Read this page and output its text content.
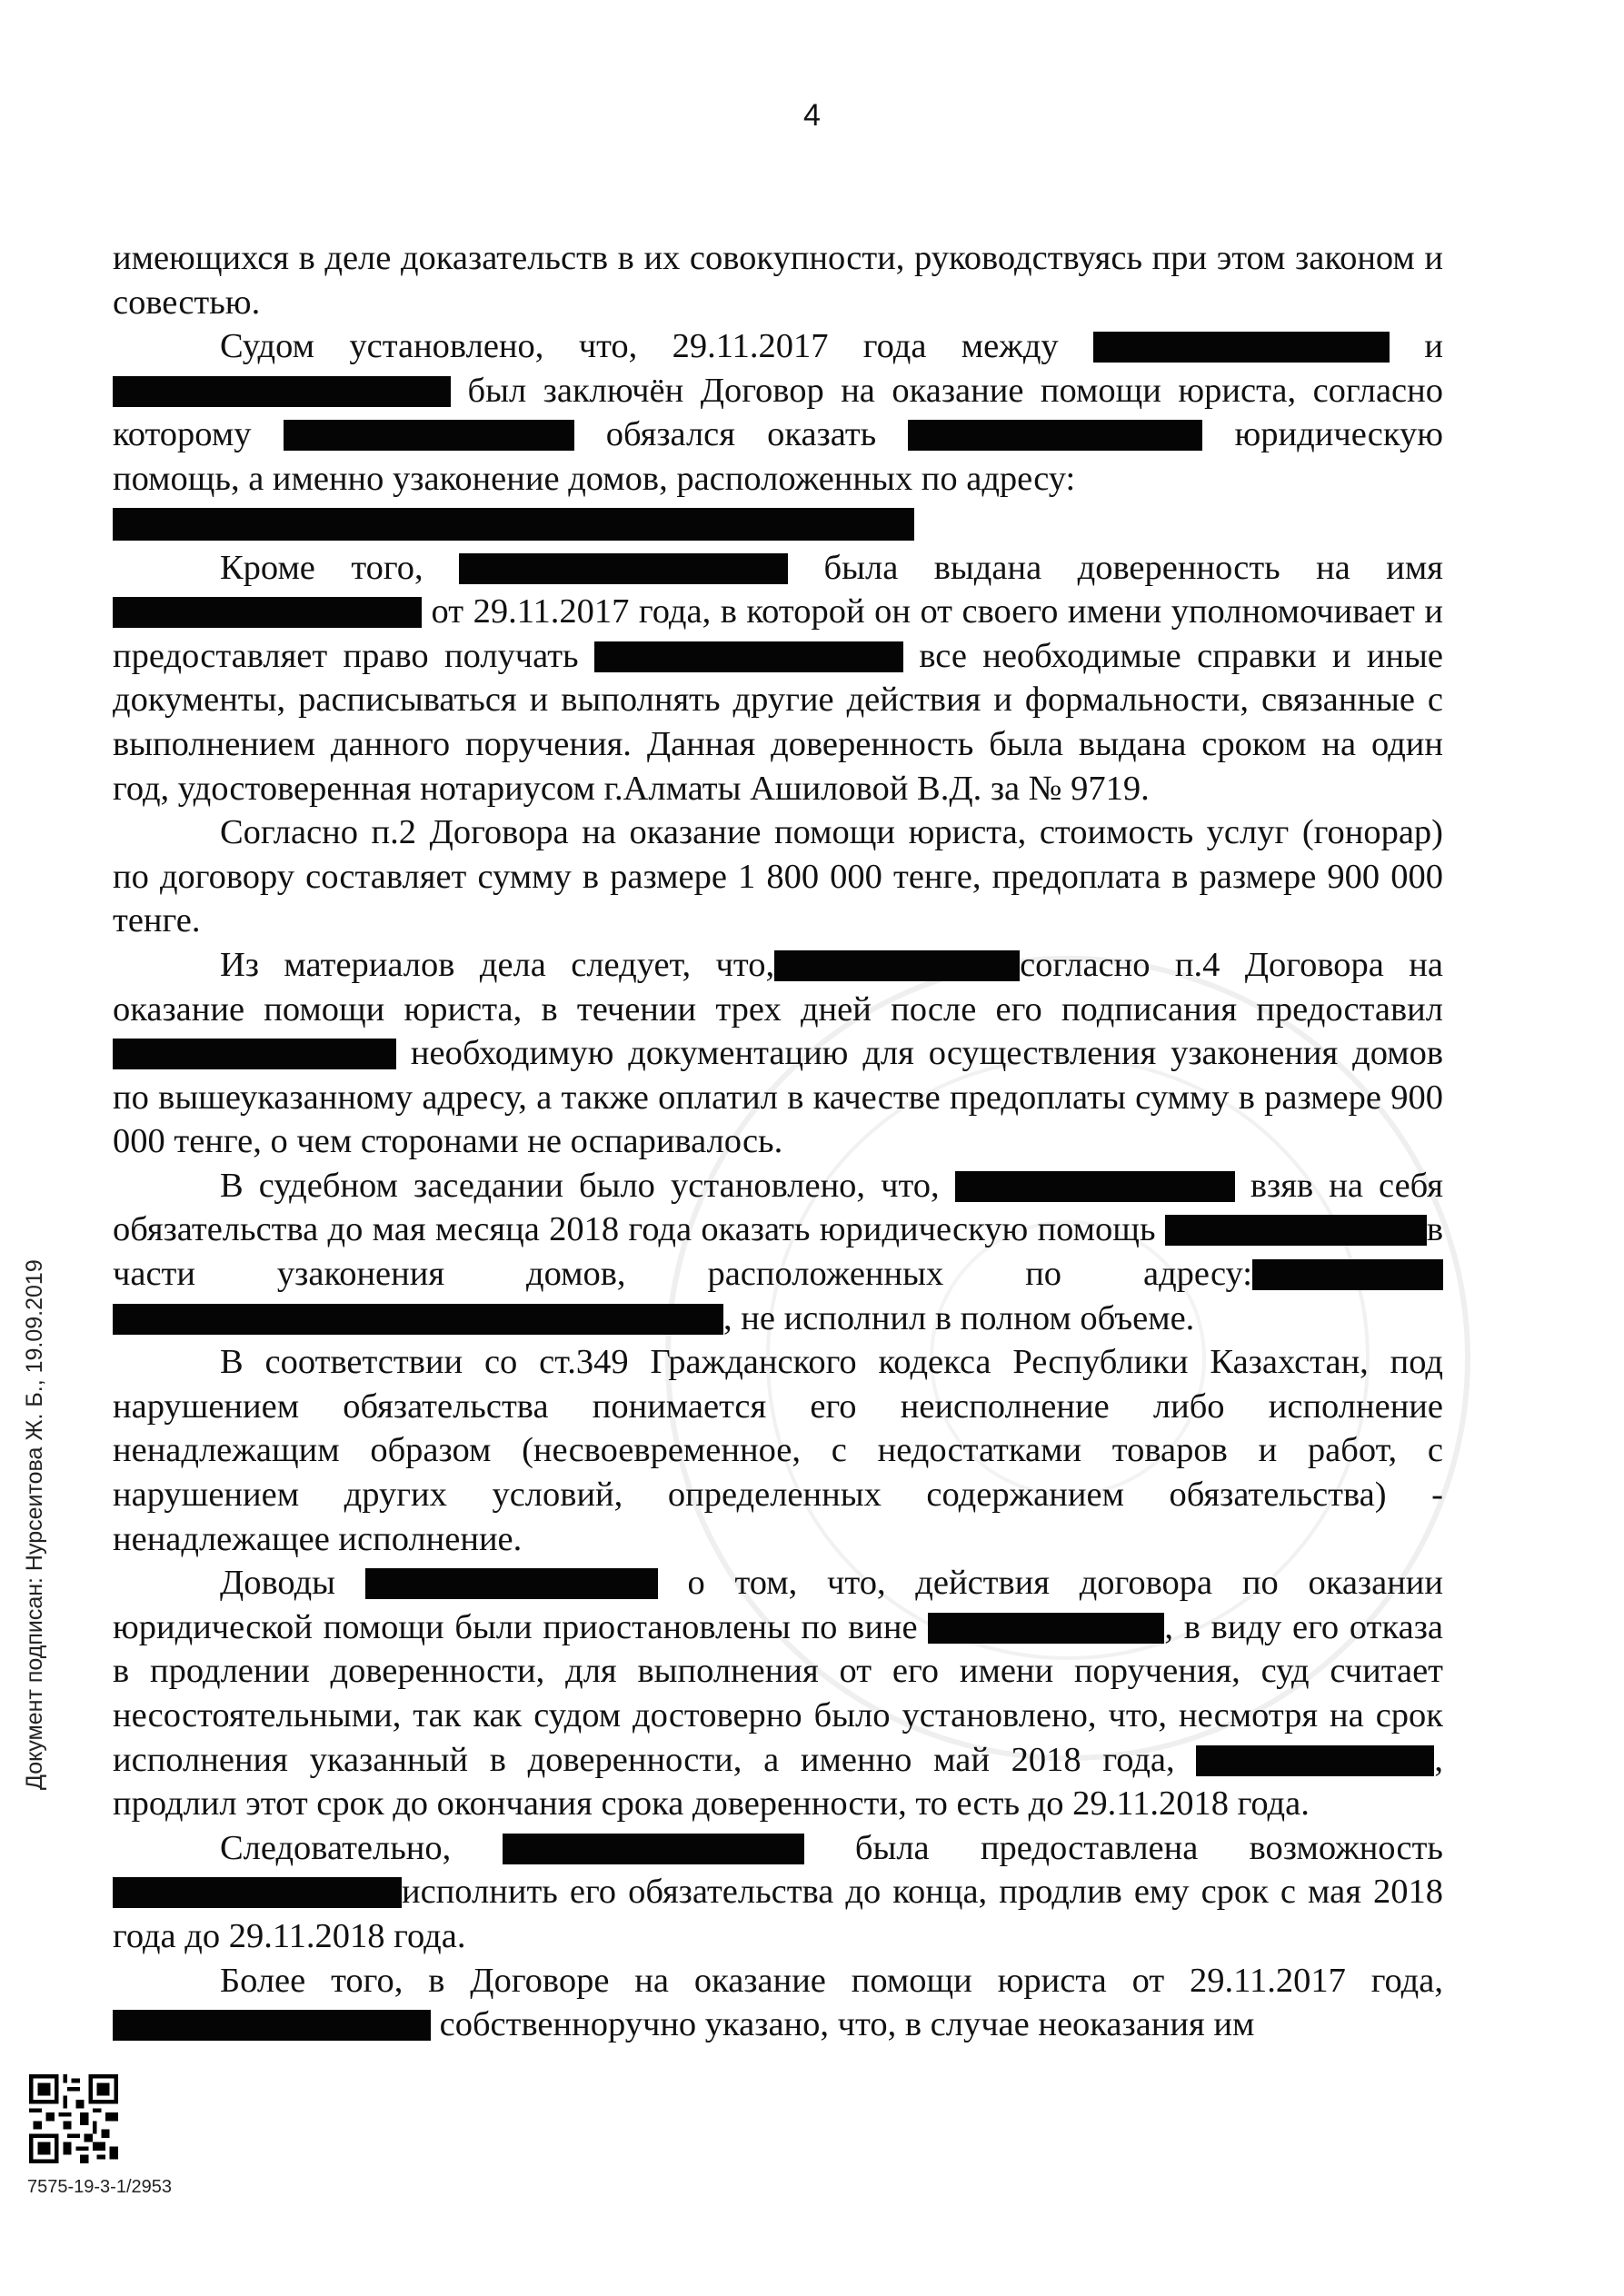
4

имеющихся в деле доказательств в их совокупности, руководствуясь при этом законом и совестью.

Судом установлено, что, 29.11.2017 года между	и  был заключён Договор на оказание помощи юриста, согласно которому	обязался оказать	юридическую помощь, а именно узаконение домов, расположенных по адресу:

Кроме того,	была выдана доверенность на имя  от 29.11.2017 года, в которой он от своего имени уполномочивает и предоставляет право получать	все необходимые справки и иные документы, расписываться и выполнять другие действия и формальности, связанные с выполнением данного поручения. Данная доверенность была выдана сроком на один год, удостоверенная нотариусом г.Алматы Ашиловой В.Д. за № 9719.

Согласно п.2 Договора на оказание помощи юриста, стоимость услуг (гонорар) по договору составляет сумму в размере 1 800 000 тенге, предоплата в размере 900 000 тенге.

Из материалов дела следует, что,	согласно п.4 Договора на оказание помощи юриста, в течении трех дней после его подписания предоставил  необходимую документацию для осуществления узаконения домов по вышеуказанному адресу, а также оплатил в качестве предоплаты сумму в размере 900 000 тенге, о чем сторонами не оспаривалось.

В судебном заседании было установлено, что,	взяв на себя обязательства до мая месяца 2018 года оказать юридическую помощь	в части узаконения домов, расположенных по адресу: , не исполнил в полном объеме.

В соответствии со ст.349 Гражданского кодекса Республики Казахстан, под нарушением обязательства понимается его неисполнение либо исполнение ненадлежащим образом (несвоевременное, с недостатками товаров и работ, с нарушением других условий, определенных содержанием обязательства) - ненадлежащее исполнение.

Доводы	о том, что, действия договора по оказании юридической помощи были приостановлены по вине	, в виду его отказа в продлении доверенности, для выполнения от его имени поручения, суд считает несостоятельными, так как судом достоверно было установлено, что, несмотря на срок исполнения указанный в доверенности, а именно май 2018 года,	, продлил этот срок до окончания срока доверенности, то есть до 29.11.2018 года.

Следовательно,	была предоставлена возможность исполнить его обязательства до конца, продлив ему срок с мая 2018 года до 29.11.2018 года.

Более того, в Договоре на оказание помощи юриста от 29.11.2017 года,  собственноручно указано, что, в случае неоказания им

Документ подписан: Нурсеитова Ж. Б., 19.09.2019
7575-19-3-1/2953
